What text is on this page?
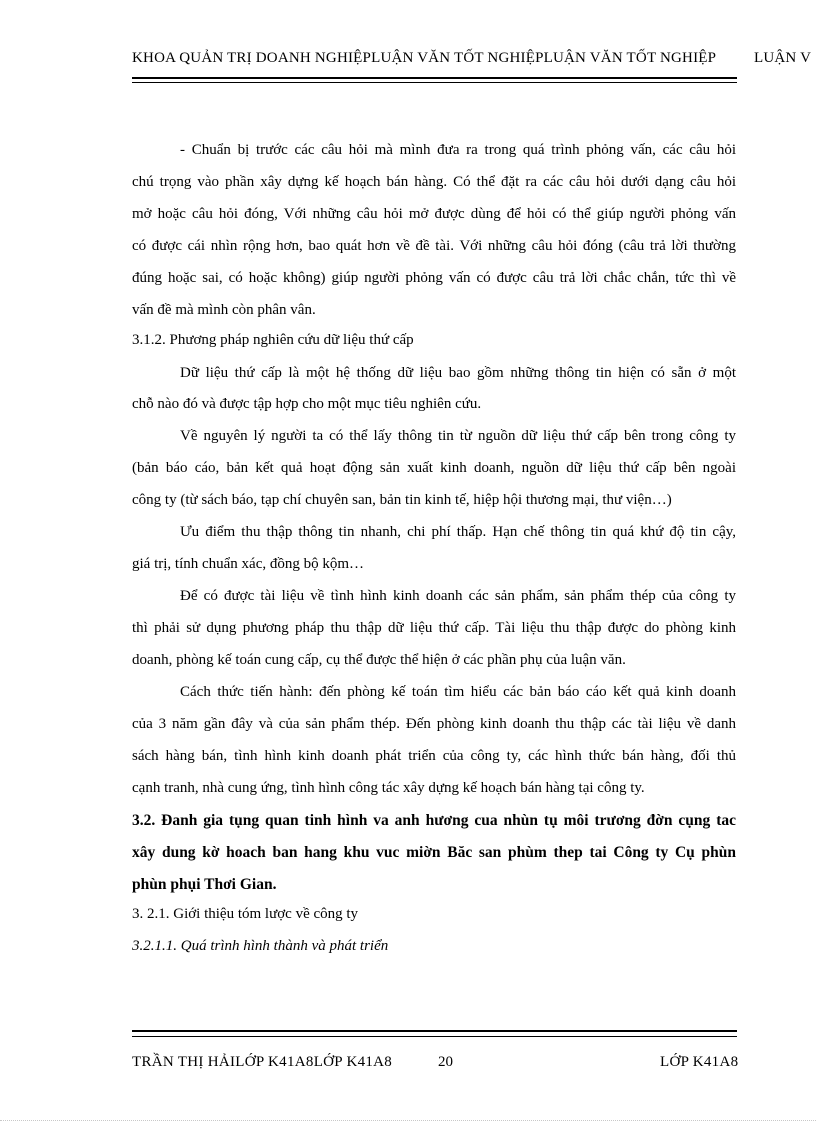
KHOA QUẢN TRỊ DOANH NGHIỆPLUẬN VĂN TỐT NGHIỆPLUẬN VĂN TỐT NGHIỆP	LUẬN V
- Chuẩn bị trước các câu hỏi mà mình đưa ra trong quá trình phỏng vấn, các câu hỏi
chú trọng vào phần xây dựng kế hoạch bán hàng. Có thể đặt ra các câu hỏi dưới dạng câu hỏi
mở hoặc câu hỏi đóng, Với những câu hỏi mở được dùng để hỏi có thể giúp người phỏng vấn
có được cái nhìn rộng hơn, bao quát hơn về đề tài. Với những câu hỏi đóng (câu trả lời thường
đúng hoặc sai, có hoặc không) giúp người phỏng vấn có được câu trả lời chắc chắn, tức thì về
vấn đề mà mình còn phân vân.
3.1.2. Phương pháp nghiên cứu dữ liệu thứ cấp
Dữ liệu thứ cấp là một hệ thống dữ liệu bao gồm những thông tin hiện có sẵn ở một
chỗ nào đó và được tập hợp cho một mục tiêu nghiên cứu.
Về nguyên lý người ta có thể lấy thông tin từ nguồn dữ liệu thứ cấp bên trong công ty
(bản báo cáo, bản kết quả hoạt động sản xuất kinh doanh, nguồn dữ liệu thứ cấp bên ngoài
công ty (từ sách báo, tạp chí chuyên san, bản tin kinh tế, hiệp hội thương mại, thư viện…)
Ưu điểm thu thập thông tin nhanh, chi phí thấp. Hạn chế thông tin quá khứ độ tin cậy,
giá trị, tính chuẩn xác, đồng bộ kộm…
Để có được tài liệu về tình hình kinh doanh các sản phẩm, sản phẩm thép của công ty
thì phải sử dụng phương pháp thu thập dữ liệu thứ cấp. Tài liệu thu thập được do phòng kinh
doanh, phòng kế toán cung cấp, cụ thể được thể hiện ở các phần phụ của luận văn.
Cách thức tiến hành: đến phòng kế toán tìm hiểu các bản báo cáo kết quả kinh doanh
của 3 năm gần đây và của sản phẩm thép. Đến phòng kinh doanh thu thập các tài liệu về danh
sách hàng bán, tình hình kinh doanh phát triển của công ty, các hình thức bán hàng, đối thủ
cạnh tranh, nhà cung ứng, tình hình công tác xây dựng kế hoạch bán hàng tại công ty.
3.2. Đanh gia tụng quan tinh hình va anh hương cua nhùn tụ môi trương đờn cụng tac
xây dung kờ hoach ban hang khu vuc miờn Băc san phùm thep tai Công ty Cụ phùn
phùn phụi Thơi Gian.
3. 2.1. Giới thiệu tóm lược về công ty
3.2.1.1. Quá trình hình thành và phát triển
TRẦN THỊ HẢILỚP K41A8LỚP K41A8	20	LỚP K41A8
